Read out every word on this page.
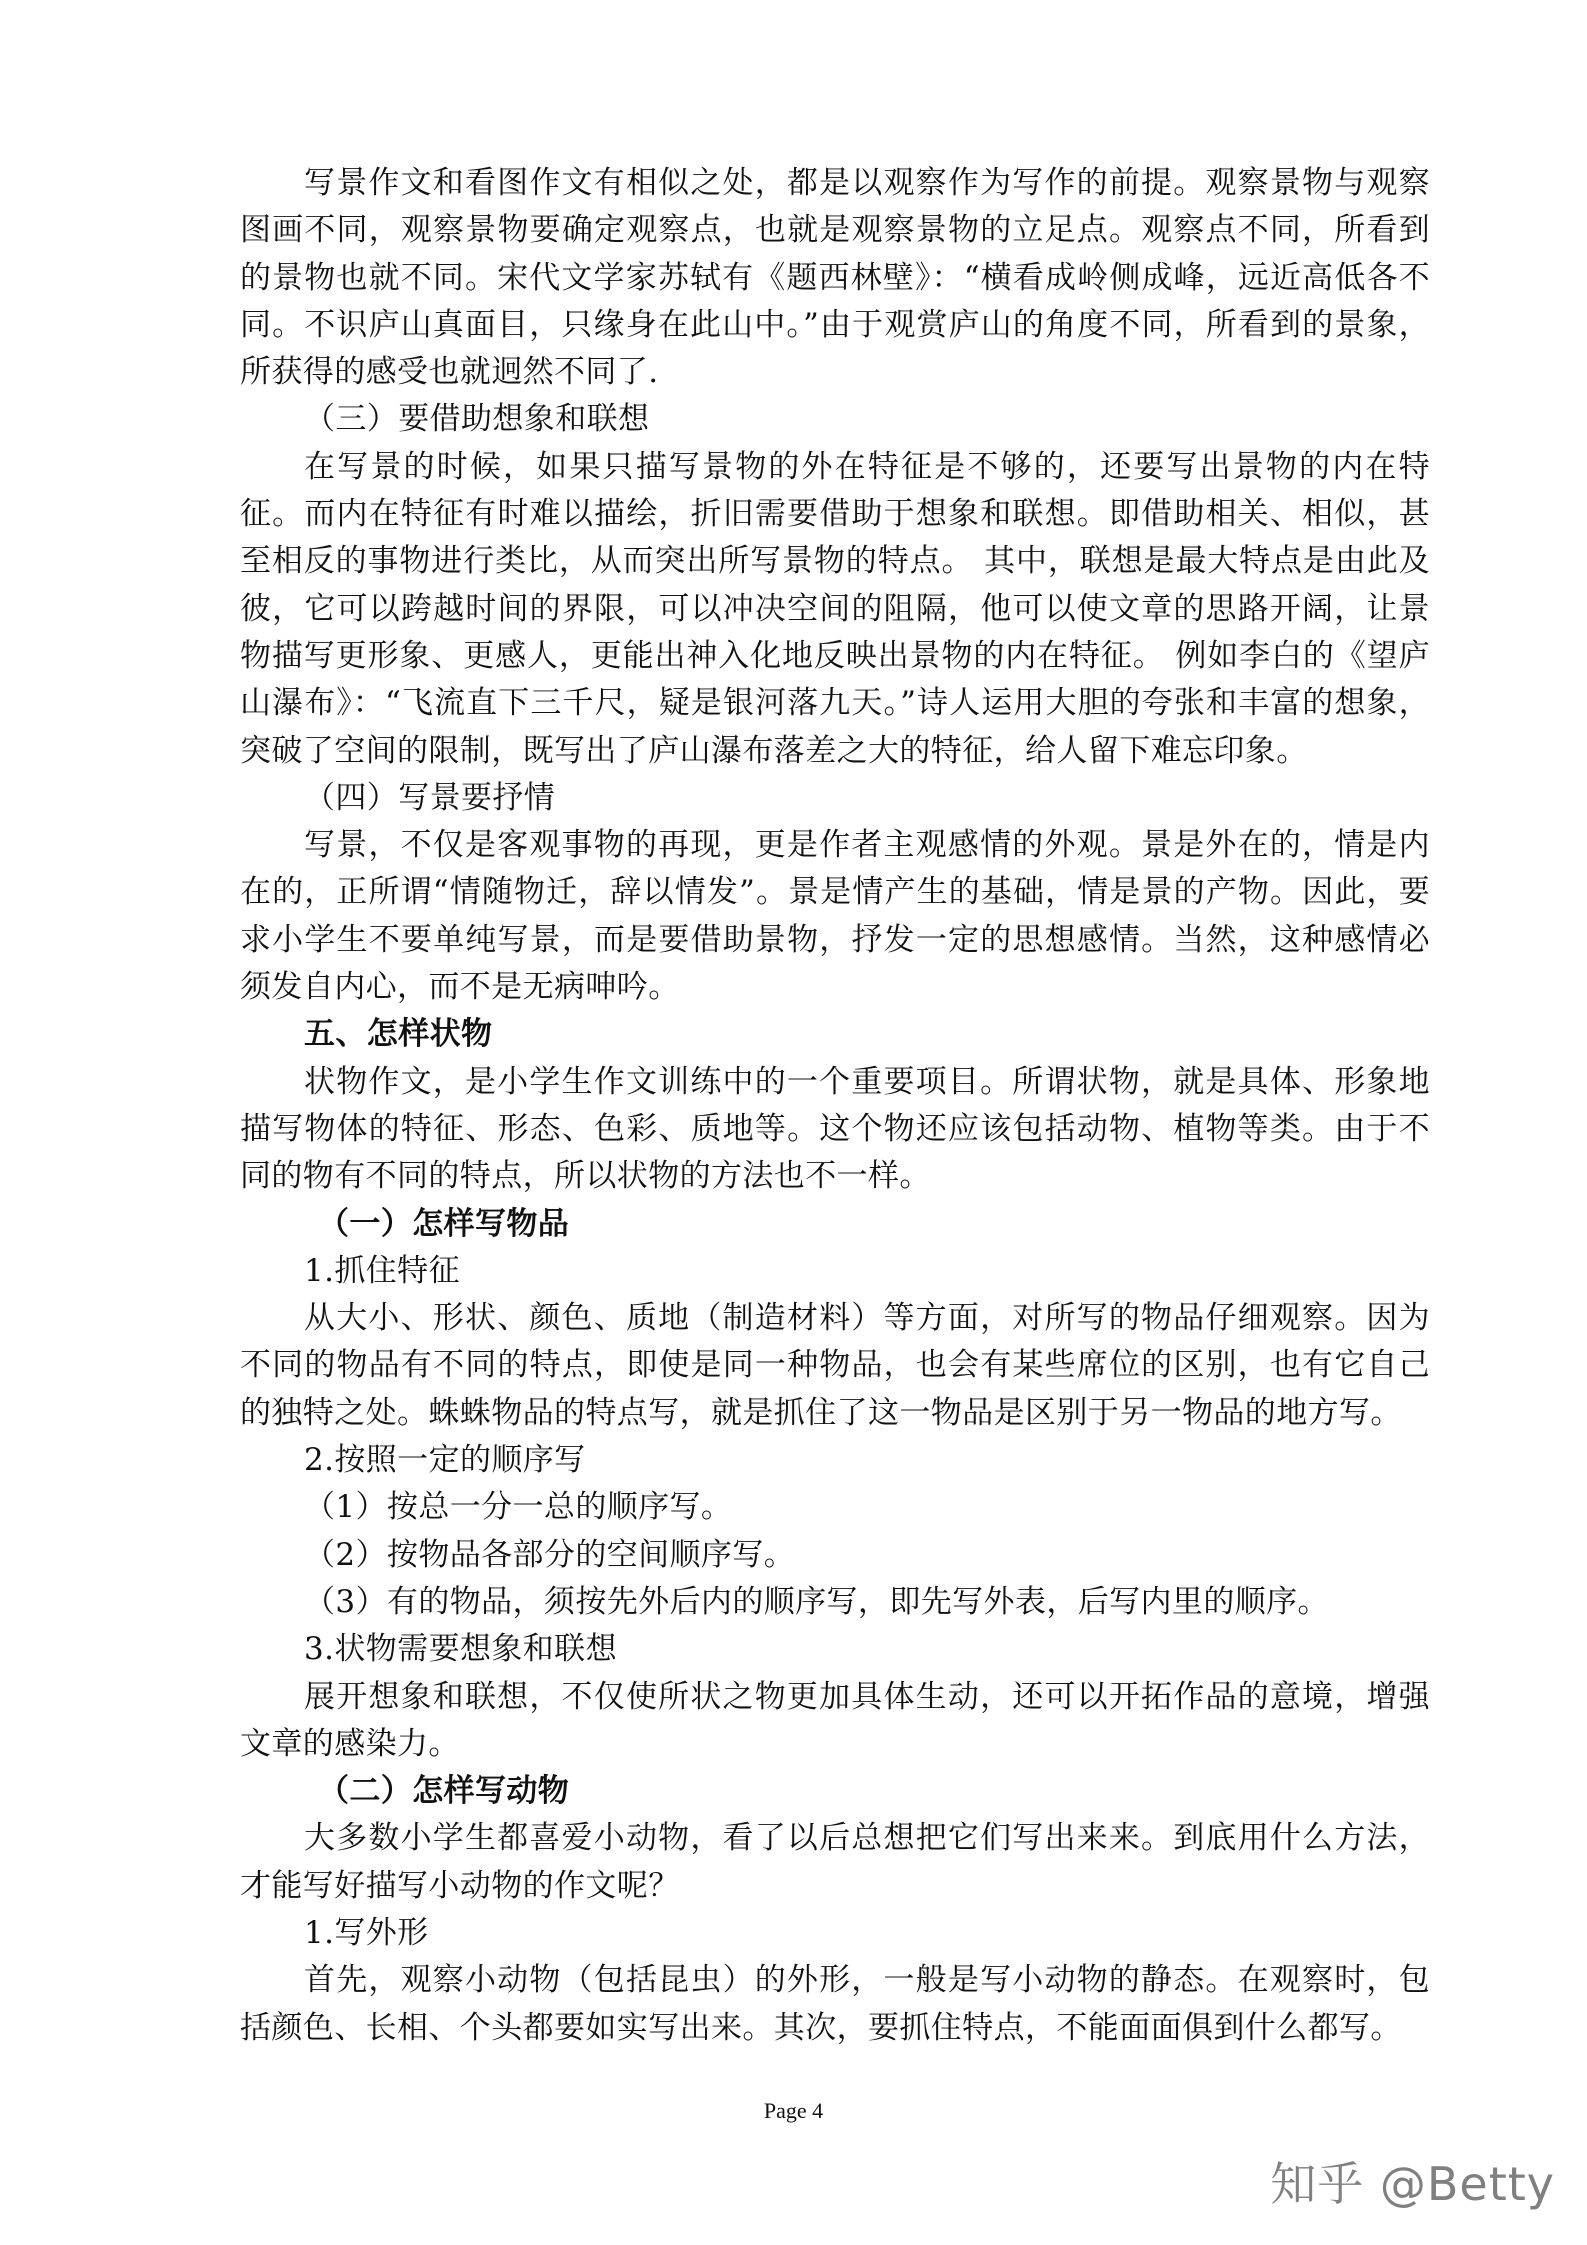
写景作文和看图作文有相似之处，都是以观察作为写作的前提。观察景物与观察图画不同，观察景物要确定观察点，也就是观察景物的立足点。观察点不同，所看到的景物也就不同。宋代文学家苏轼有《题西林壁》：“横看成岭侧成峰，远近高低各不同。不识庐山真面目，只缘身在此山中。”由于观赏庐山的角度不同，所看到的景象，所获得的感受也就迥然不同了.

（三）要借助想象和联想

在写景的时候，如果只描写景物的外在特征是不够的，还要写出景物的内在特征。而内在特征有时难以描绘，折旧需要借助于想象和联想。即借助相关、相似，甚至相反的事物进行类比，从而突出所写景物的特点。 其中，联想是最大特点是由此及彼，它可以跨越时间的界限，可以冲决空间的阻隔，他可以使文章的思路开阔，让景物描写更形象、更感人，更能出神入化地反映出景物的内在特征。 例如李白的《望庐山瀑布》：“飞流直下三千尺，疑是银河落九天。”诗人运用大胆的夸张和丰富的想象，突破了空间的限制，既写出了庐山瀑布落差之大的特征，给人留下难忘印象。

（四）写景要抒情

写景，不仅是客观事物的再现，更是作者主观感情的外观。景是外在的，情是内在的，正所谓“情随物迁，辞以情发”。景是情产生的基础，情是景的产物。因此，要求小学生不要单纯写景，而是要借助景物，抒发一定的思想感情。当然，这种感情必须发自内心，而不是无病呻吟。

五、怎样状物

状物作文，是小学生作文训练中的一个重要项目。所谓状物，就是具体、形象地描写物体的特征、形态、色彩、质地等。这个物还应该包括动物、植物等类。由于不同的物有不同的特点，所以状物的方法也不一样。

（一）怎样写物品

1.抓住特征

从大小、形状、颜色、质地（制造材料）等方面，对所写的物品仔细观察。因为不同的物品有不同的特点，即使是同一种物品，也会有某些席位的区别，也有它自己的独特之处。蛛蛛物品的特点写，就是抓住了这一物品是区别于另一物品的地方写。

2.按照一定的顺序写

（1）按总一分一总的顺序写。

（2）按物品各部分的空间顺序写。

（3）有的物品，须按先外后内的顺序写，即先写外表，后写内里的顺序。

3.状物需要想象和联想

展开想象和联想，不仅使所状之物更加具体生动，还可以开拓作品的意境，增强文章的感染力。

（二）怎样写动物

大多数小学生都喜爱小动物，看了以后总想把它们写出来来。到底用什么方法，才能写好描写小动物的作文呢？

1.写外形

首先，观察小动物（包括昆虫）的外形，一般是写小动物的静态。在观察时，包括颜色、长相、个头都要如实写出来。其次，要抓住特点，不能面面俱到什么都写。

Page 4
知乎 @Betty
